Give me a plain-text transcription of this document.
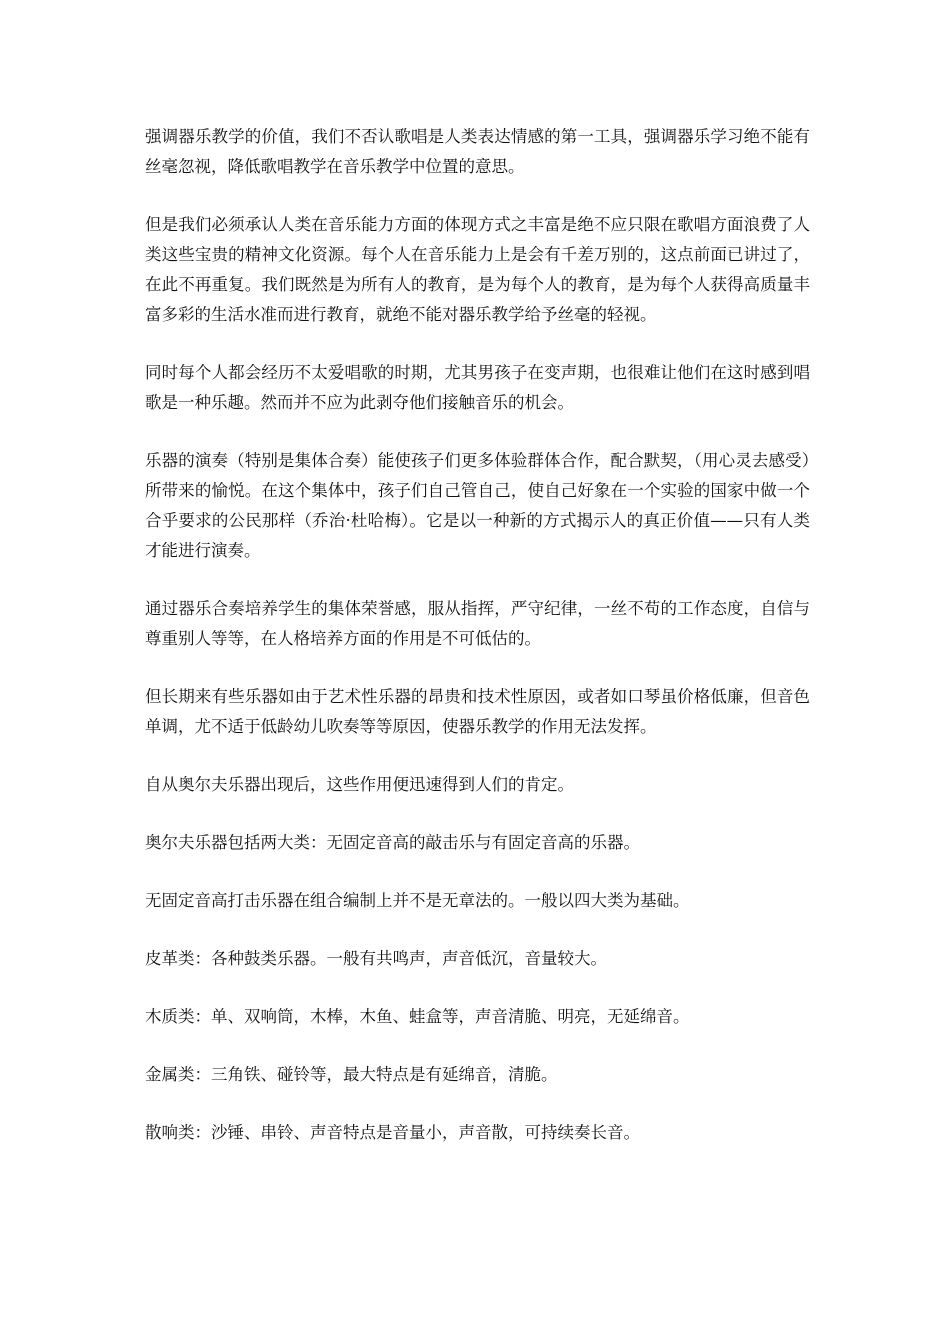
强调器乐教学的价值，我们不否认歌唱是人类表达情感的第一工具，强调器乐学习绝不能有丝毫忽视，降低歌唱教学在音乐教学中位置的意思。

但是我们必须承认人类在音乐能力方面的体现方式之丰富是绝不应只限在歌唱方面浪费了人类这些宝贵的精神文化资源。每个人在音乐能力上是会有千差万别的，这点前面已讲过了，在此不再重复。我们既然是为所有人的教育，是为每个人的教育，是为每个人获得高质量丰富多彩的生活水准而进行教育，就绝不能对器乐教学给予丝毫的轻视。

同时每个人都会经历不太爱唱歌的时期，尤其男孩子在变声期，也很难让他们在这时感到唱歌是一种乐趣。然而并不应为此剥夺他们接触音乐的机会。

乐器的演奏（特别是集体合奏）能使孩子们更多体验群体合作，配合默契，（用心灵去感受）所带来的愉悦。在这个集体中，孩子们自己管自己，使自己好象在一个实验的国家中做一个合乎要求的公民那样（乔治·杜哈梅）。它是以一种新的方式揭示人的真正价值——只有人类才能进行演奏。

通过器乐合奏培养学生的集体荣誉感，服从指挥，严守纪律，一丝不苟的工作态度，自信与尊重别人等等，在人格培养方面的作用是不可低估的。

但长期来有些乐器如由于艺术性乐器的昂贵和技术性原因，或者如口琴虽价格低廉，但音色单调，尤不适于低龄幼儿吹奏等等原因，使器乐教学的作用无法发挥。

自从奥尔夫乐器出现后，这些作用便迅速得到人们的肯定。

奥尔夫乐器包括两大类：无固定音高的敲击乐与有固定音高的乐器。

无固定音高打击乐器在组合编制上并不是无章法的。一般以四大类为基础。

皮革类：各种鼓类乐器。一般有共鸣声，声音低沉，音量较大。

木质类：单、双响筒，木棒，木鱼、蛙盒等，声音清脆、明亮，无延绵音。

金属类：三角铁、碰铃等，最大特点是有延绵音，清脆。

散响类：沙锤、串铃、声音特点是音量小，声音散，可持续奏长音。
